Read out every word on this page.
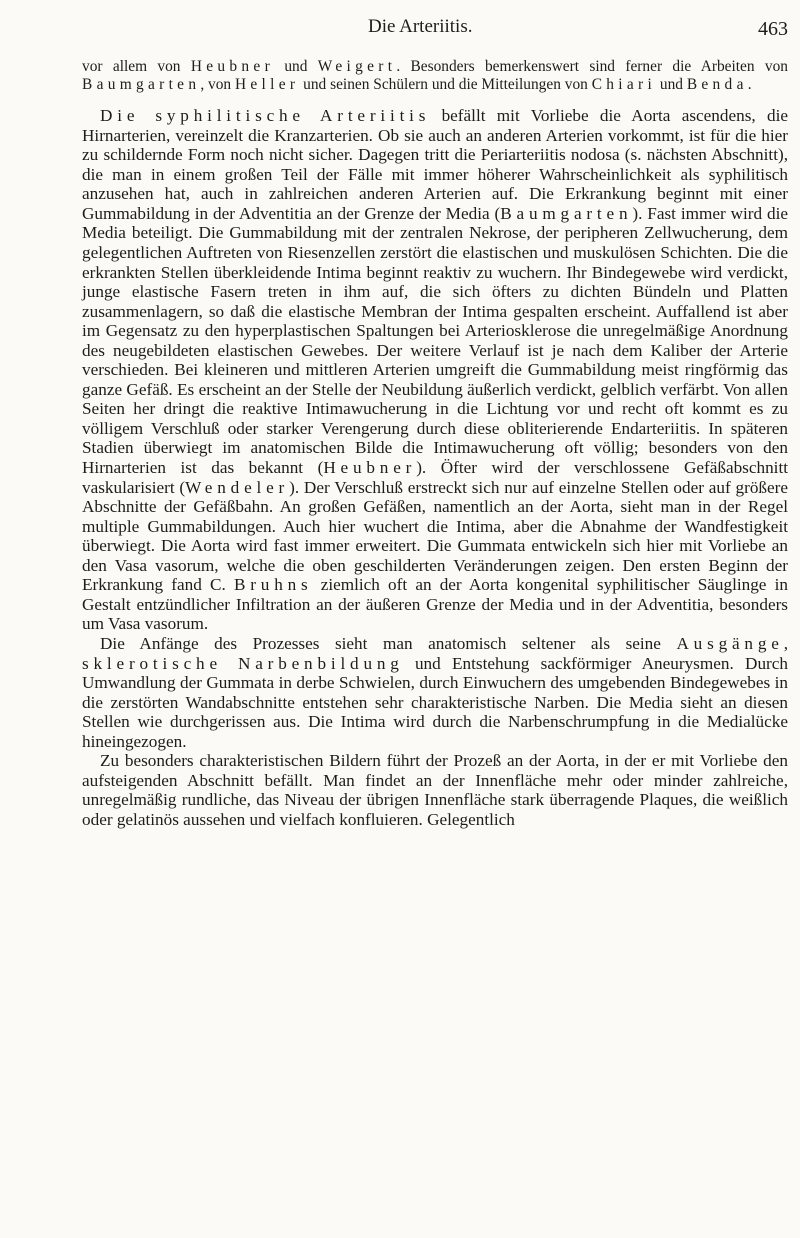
Die Arteriitis.	463

vor allem von Heubner und Weigert. Besonders bemerkenswert sind ferner die Arbeiten von Baumgarten, von Heller und seinen Schülern und die Mitteilungen von Chiari und Benda.

Die syphilitische Arteriitis befällt mit Vorliebe die Aorta ascendens, die Hirnarterien, vereinzelt die Kranzarterien. Ob sie auch an anderen Arterien vorkommt, ist für die hier zu schildernde Form noch nicht sicher. Dagegen tritt die Periarteriitis nodosa (s. nächsten Abschnitt), die man in einem großen Teil der Fälle mit immer höherer Wahrscheinlichkeit als syphilitisch anzusehen hat, auch in zahlreichen anderen Arterien auf. Die Erkrankung beginnt mit einer Gummabildung in der Adventitia an der Grenze der Media (Baumgarten). Fast immer wird die Media beteiligt. Die Gummabildung mit der zentralen Nekrose, der peripheren Zellwucherung, dem gelegentlichen Auftreten von Riesenzellen zerstört die elastischen und muskulösen Schichten. Die die erkrankten Stellen überkleidende Intima beginnt reaktiv zu wuchern. Ihr Bindegewebe wird verdickt, junge elastische Fasern treten in ihm auf, die sich öfters zu dichten Bündeln und Platten zusammenlagern, so daß die elastische Membran der Intima gespalten erscheint. Auffallend ist aber im Gegensatz zu den hyperplastischen Spaltungen bei Arteriosklerose die unregelmäßige Anordnung des neugebildeten elastischen Gewebes. Der weitere Verlauf ist je nach dem Kaliber der Arterie verschieden. Bei kleineren und mittleren Arterien umgreift die Gummabildung meist ringförmig das ganze Gefäß. Es erscheint an der Stelle der Neubildung äußerlich verdickt, gelblich verfärbt. Von allen Seiten her dringt die reaktive Intimawucherung in die Lichtung vor und recht oft kommt es zu völligem Verschluß oder starker Verengerung durch diese obliterierende Endarteriitis. In späteren Stadien überwiegt im anatomischen Bilde die Intimawucherung oft völlig; besonders von den Hirnarterien ist das bekannt (Heubner). Öfter wird der verschlossene Gefäßabschnitt vaskularisiert (Wendeler). Der Verschluß erstreckt sich nur auf einzelne Stellen oder auf größere Abschnitte der Gefäßbahn. An großen Gefäßen, namentlich an der Aorta, sieht man in der Regel multiple Gummabildungen. Auch hier wuchert die Intima, aber die Abnahme der Wandfestigkeit überwiegt. Die Aorta wird fast immer erweitert. Die Gummata entwickeln sich hier mit Vorliebe an den Vasa vasorum, welche die oben geschilderten Veränderungen zeigen. Den ersten Beginn der Erkrankung fand C. Bruhns ziemlich oft an der Aorta kongenital syphilitischer Säuglinge in Gestalt entzündlicher Infiltration an der äußeren Grenze der Media und in der Adventitia, besonders um Vasa vasorum.

Die Anfänge des Prozesses sieht man anatomisch seltener als seine Ausgänge, sklerotische Narbenbildung und Entstehung sackförmiger Aneurysmen. Durch Umwandlung der Gummata in derbe Schwielen, durch Einwuchern des umgebenden Bindegewebes in die zerstörten Wandabschnitte entstehen sehr charakteristische Narben. Die Media sieht an diesen Stellen wie durchgerissen aus. Die Intima wird durch die Narbenschrumpfung in die Medialücke hineingezogen.

Zu besonders charakteristischen Bildern führt der Prozeß an der Aorta, in der er mit Vorliebe den aufsteigenden Abschnitt befällt. Man findet an der Innenfläche mehr oder minder zahlreiche, unregelmäßig rundliche, das Niveau der übrigen Innenfläche stark überragende Plaques, die weißlich oder gelatinös aussehen und vielfach konfluieren. Gelegentlich
